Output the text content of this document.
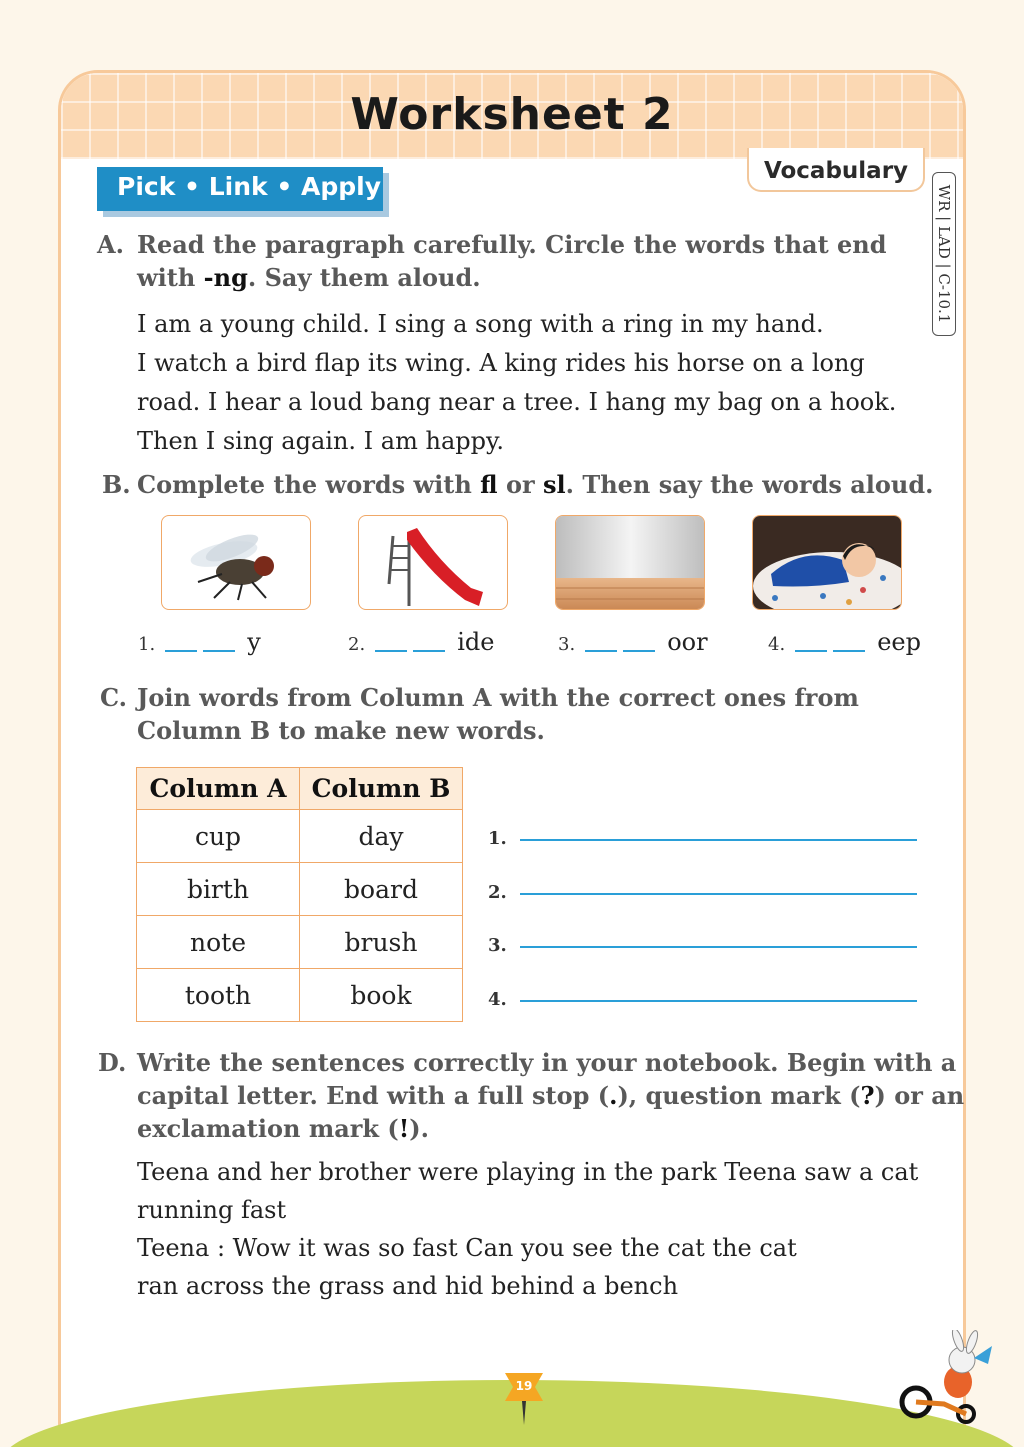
Worksheet 2
Pick • Link • Apply
Vocabulary
WR | LAD | C-10.1
A. Read the paragraph carefully. Circle the words that end
with -ng. Say them aloud.
I am a young child. I sing a song with a ring in my hand.
I watch a bird flap its wing. A king rides his horse on a long
road. I hear a loud bang near a tree. I hang my bag on a hook.
Then I sing again. I am happy.
B. Complete the words with fl or sl. Then say the words aloud.
1.	y	2.	ide	3.	oor	4.	eep
C. Join words from Column A with the correct ones from
Column B to make new words.
Column A	Column B
cup	day
birth	board
note	brush
tooth	book
1.
2.
3.
4.
D. Write the sentences correctly in your notebook. Begin with a
capital letter. End with a full stop (.), question mark (?) or an
exclamation mark (!).
Teena and her brother were playing in the park Teena saw a cat
running fast
Teena : Wow it was so fast Can you see the cat the cat
ran across the grass and hid behind a bench
19
